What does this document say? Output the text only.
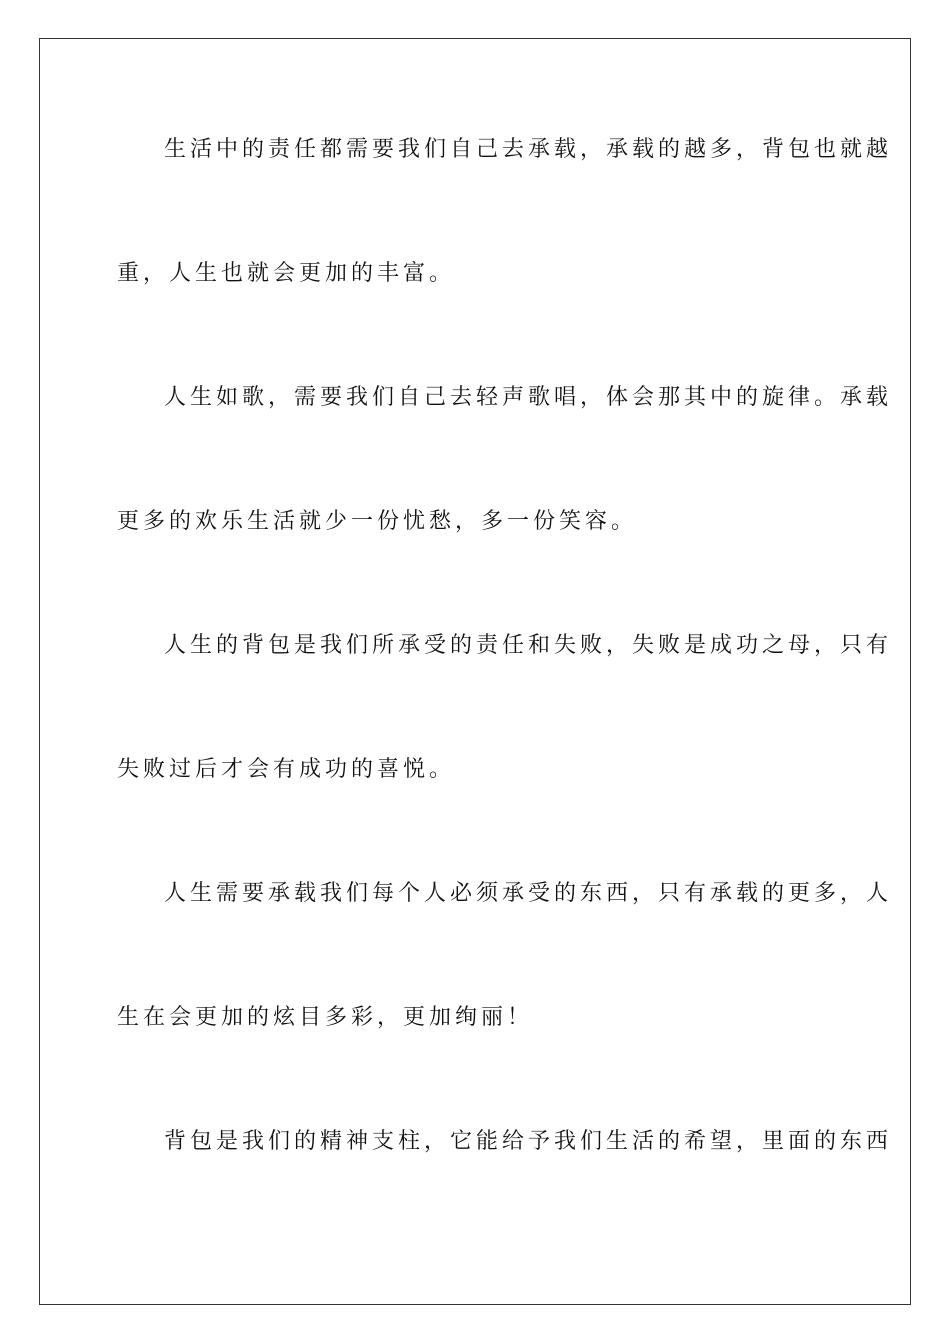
生活中的责任都需要我们自己去承载，承载的越多，背包也就越
重，人生也就会更加的丰富。
人生如歌，需要我们自己去轻声歌唱，体会那其中的旋律。承载
更多的欢乐生活就少一份忧愁，多一份笑容。
人生的背包是我们所承受的责任和失败，失败是成功之母，只有
失败过后才会有成功的喜悦。
人生需要承载我们每个人必须承受的东西，只有承载的更多，人
生在会更加的炫目多彩，更加绚丽！
背包是我们的精神支柱，它能给予我们生活的希望，里面的东西
